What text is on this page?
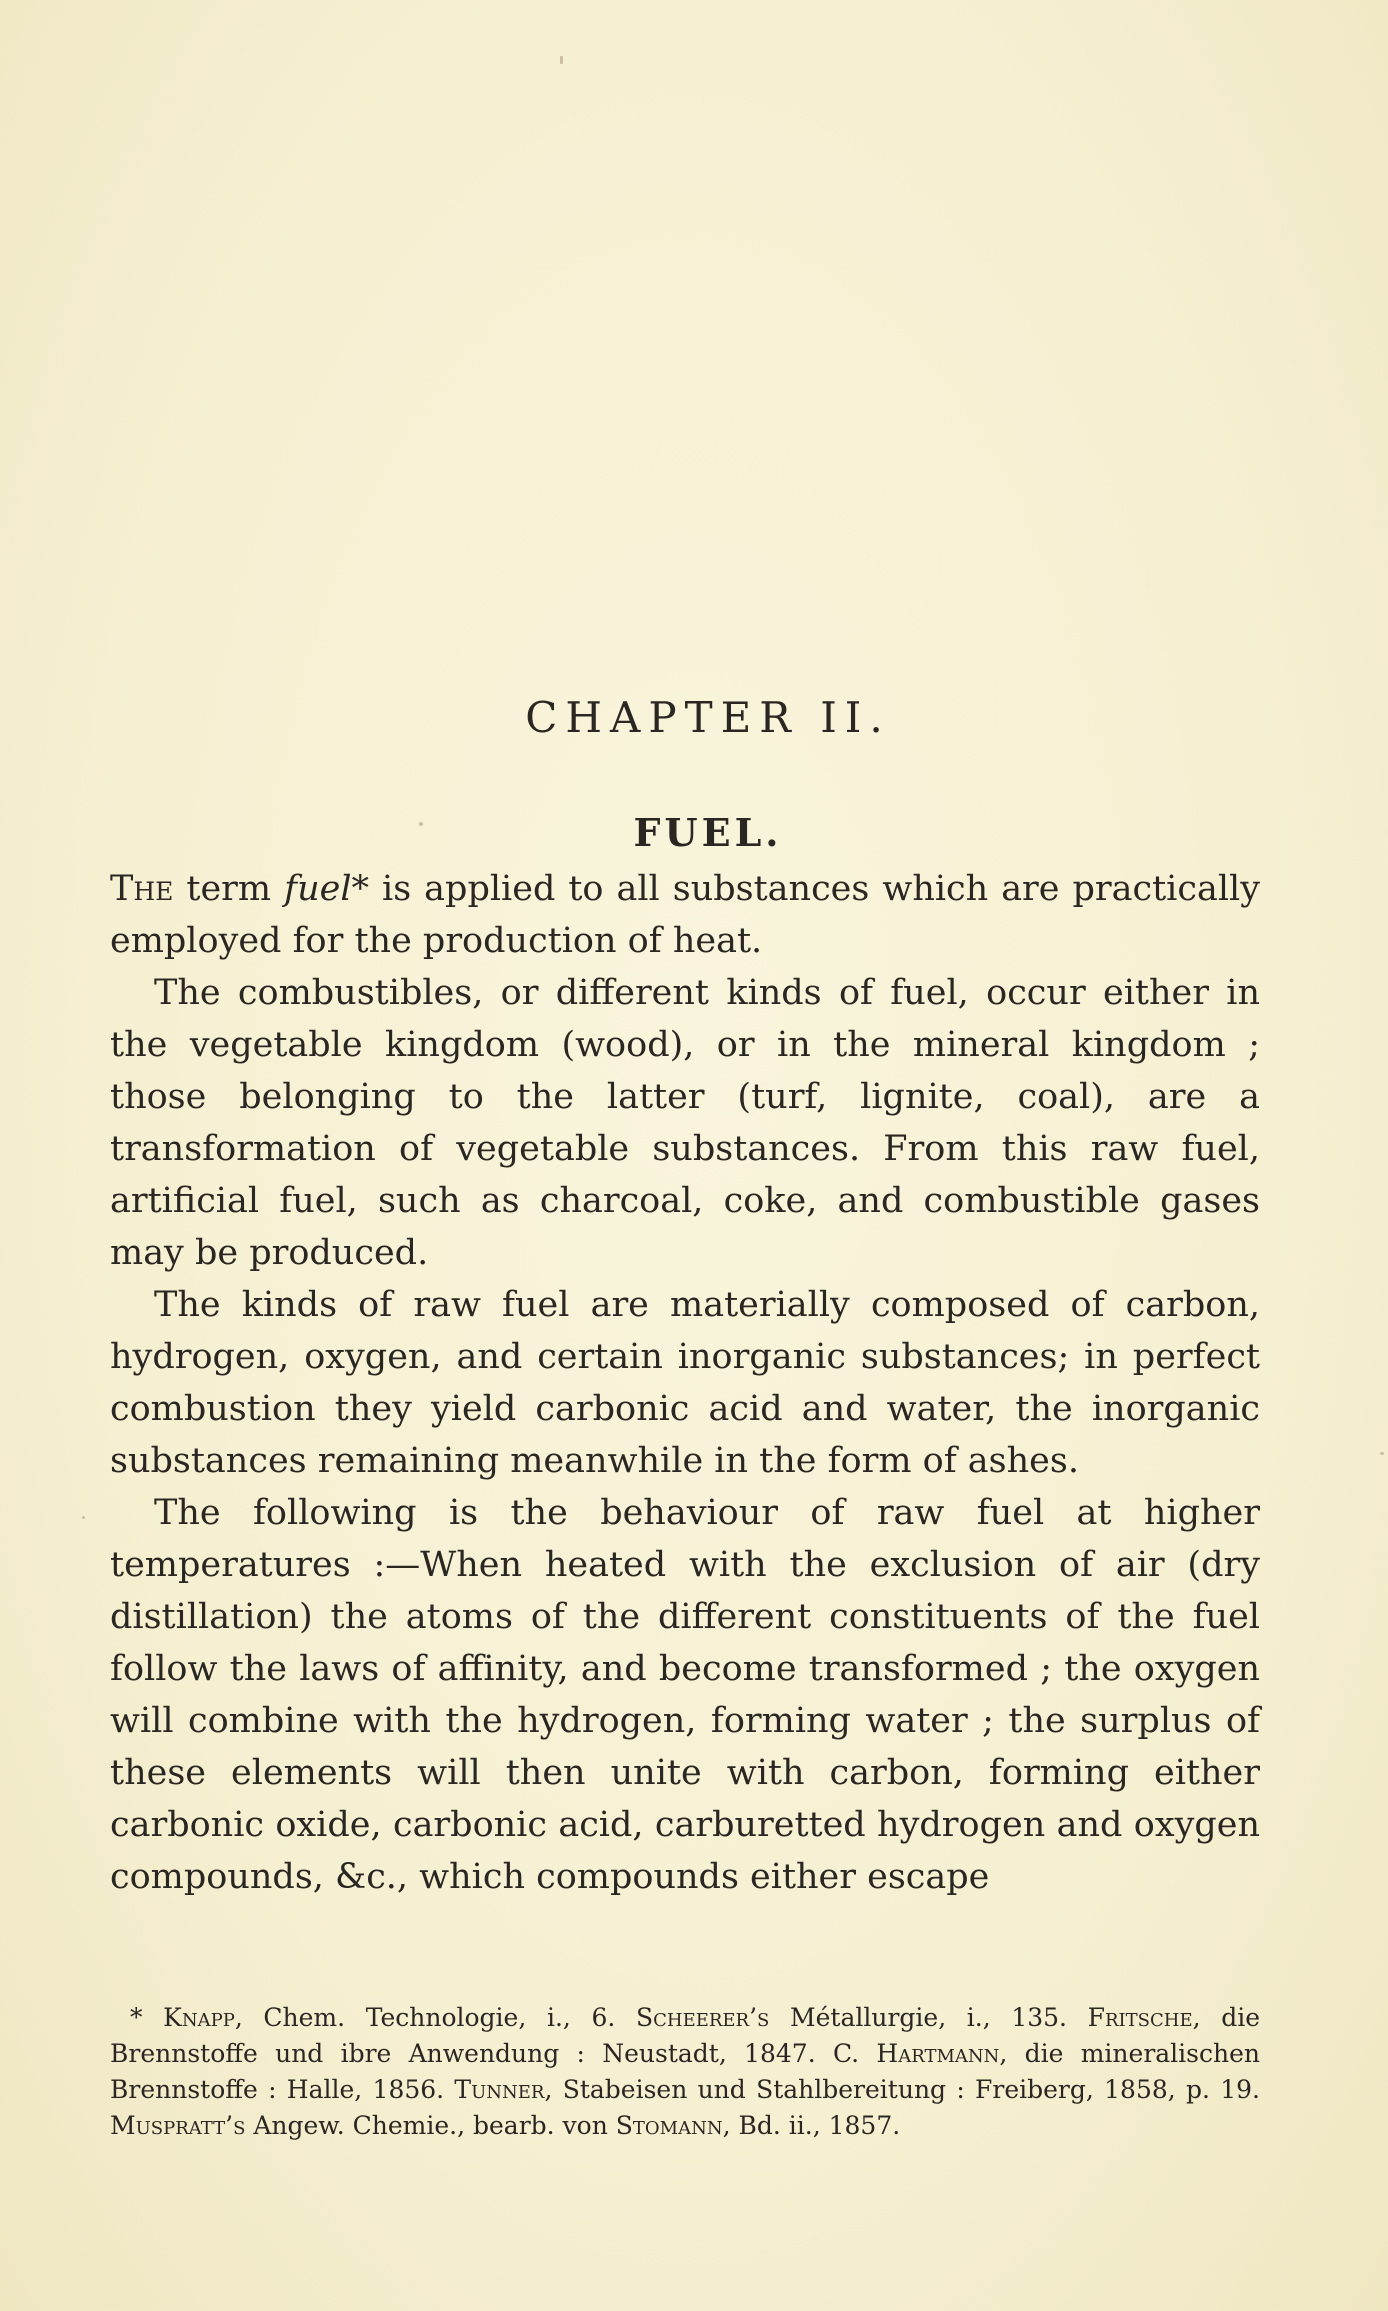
CHAPTER II.
FUEL.

The term fuel* is applied to all substances which are practically employed for the production of heat.

The combustibles, or different kinds of fuel, occur either in the vegetable kingdom (wood), or in the mineral kingdom ; those belonging to the latter (turf, lignite, coal), are a transformation of vegetable substances. From this raw fuel, artificial fuel, such as charcoal, coke, and combustible gases may be produced.

The kinds of raw fuel are materially composed of carbon, hydrogen, oxygen, and certain inorganic substances; in perfect combustion they yield carbonic acid and water, the inorganic substances remaining meanwhile in the form of ashes.

The following is the behaviour of raw fuel at higher temperatures :—When heated with the exclusion of air (dry distillation) the atoms of the different constituents of the fuel follow the laws of affinity, and become transformed ; the oxygen will combine with the hydrogen, forming water ; the surplus of these elements will then unite with carbon, forming either carbonic oxide, carbonic acid, carburetted hydrogen and oxygen compounds, &c., which compounds either escape

* Knapp, Chem. Technologie, i., 6. Scheerer’s Métallurgie, i., 135. Fritsche, die Brennstoffe und ibre Anwendung : Neustadt, 1847. C. Hartmann, die mineralischen Brennstoffe : Halle, 1856. Tunner, Stabeisen und Stahlbereitung : Freiberg, 1858, p. 19. Muspratt’s Angew. Chemie., bearb. von Stomann, Bd. ii., 1857.
